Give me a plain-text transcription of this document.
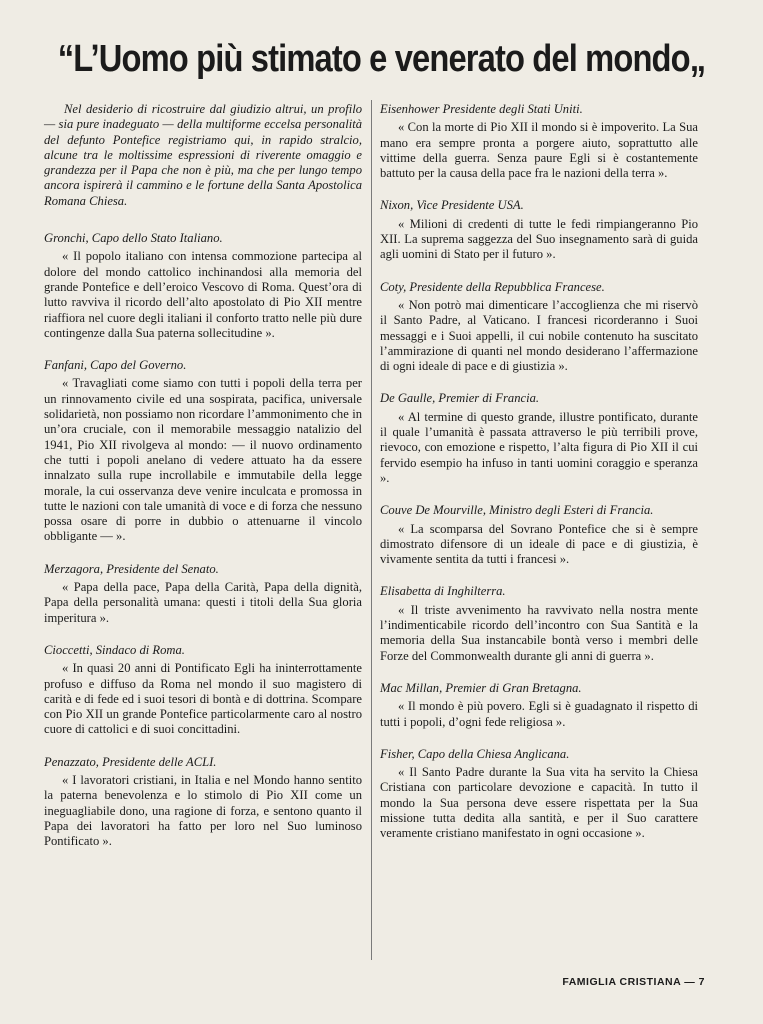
“L’Uomo più stimato e venerato del mondo„

Nel desiderio di ricostruire dal giudizio altrui, un profilo — sia pure inadeguato — della multiforme eccelsa personalità del defunto Pontefice registriamo qui, in rapido stralcio, alcune tra le moltissime espressioni di riverente omaggio e grandezza per il Papa che non è più, ma che per lungo tempo ancora ispirerà il cammino e le fortune della Santa Apostolica Romana Chiesa.

Gronchi, Capo dello Stato Italiano.

« Il popolo italiano con intensa commozione partecipa al dolore del mondo cattolico inchinandosi alla memoria del grande Pontefice e dell’eroico Vescovo di Roma. Quest’ora di lutto ravviva il ricordo dell’alto apostolato di Pio XII mentre riaffiora nel cuore degli italiani il conforto tratto nelle più dure contingenze dalla Sua paterna sollecitudine ».

Fanfani, Capo del Governo.

« Travagliati come siamo con tutti i popoli della terra per un rinnovamento civile ed una sospirata, pacifica, universale solidarietà, non possiamo non ricordare l’ammonimento che in un’ora cruciale, con il memorabile messaggio natalizio del 1941, Pio XII rivolgeva al mondo: — il nuovo ordinamento che tutti i popoli anelano di vedere attuato ha da essere innalzato sulla rupe incrollabile e immutabile della legge morale, la cui osservanza deve venire inculcata e promossa in tutte le nazioni con tale umanità di voce e di forza che nessuno possa osare di porre in dubbio o attenuarne il vincolo obbligante — ».

Merzagora, Presidente del Senato.

« Papa della pace, Papa della Carità, Papa della dignità, Papa della personalità umana: questi i titoli della Sua gloria imperitura ».

Cioccetti, Sindaco di Roma.

« In quasi 20 anni di Pontificato Egli ha ininterrottamente profuso e diffuso da Roma nel mondo il suo magistero di carità e di fede ed i suoi tesori di bontà e di dottrina. Scompare con Pio XII un grande Pontefice particolarmente caro al nostro cuore di cattolici e di suoi concittadini.

Penazzato, Presidente delle ACLI.

« I lavoratori cristiani, in Italia e nel Mondo hanno sentito la paterna benevolenza e lo stimolo di Pio XII come un ineguagliabile dono, una ragione di forza, e sentono quanto il Papa dei lavoratori ha fatto per loro nel Suo luminoso Pontificato ».

Eisenhower Presidente degli Stati Uniti.

« Con la morte di Pio XII il mondo si è impoverito. La Sua mano era sempre pronta a porgere aiuto, soprattutto alle vittime della guerra. Senza paure Egli si è costantemente battuto per la causa della pace fra le nazioni della terra ».

Nixon, Vice Presidente USA.

« Milioni di credenti di tutte le fedi rimpiangeranno Pio XII. La suprema saggezza del Suo insegnamento sarà di guida agli uomini di Stato per il futuro ».

Coty, Presidente della Repubblica Francese.

« Non potrò mai dimenticare l’accoglienza che mi riservò il Santo Padre, al Vaticano. I francesi ricorderanno i Suoi messaggi e i Suoi appelli, il cui nobile contenuto ha suscitato l’ammirazione di quanti nel mondo desiderano l’affermazione di ogni ideale di pace e di giustizia ».

De Gaulle, Premier di Francia.

« Al termine di questo grande, illustre pontificato, durante il quale l’umanità è passata attraverso le più terribili prove, rievoco, con emozione e rispetto, l’alta figura di Pio XII il cui fervido esempio ha infuso in tanti uomini coraggio e speranza ».

Couve De Mourville, Ministro degli Esteri di Francia.

« La scomparsa del Sovrano Pontefice che si è sempre dimostrato difensore di un ideale di pace e di giustizia, è vivamente sentita da tutti i francesi ».

Elisabetta di Inghilterra.

« Il triste avvenimento ha ravvivato nella nostra mente l’indimenticabile ricordo dell’incontro con Sua Santità e la memoria della Sua instancabile bontà verso i membri delle Forze del Commonwealth durante gli anni di guerra ».

Mac Millan, Premier di Gran Bretagna.

« Il mondo è più povero. Egli si è guadagnato il rispetto di tutti i popoli, d’ogni fede religiosa ».

Fisher, Capo della Chiesa Anglicana.

« Il Santo Padre durante la Sua vita ha servito la Chiesa Cristiana con particolare devozione e capacità. In tutto il mondo la Sua persona deve essere rispettata per la Sua missione tutta dedita alla santità, e per il Suo carattere veramente cristiano manifestato in ogni occasione ».

FAMIGLIA CRISTIANA — 7
